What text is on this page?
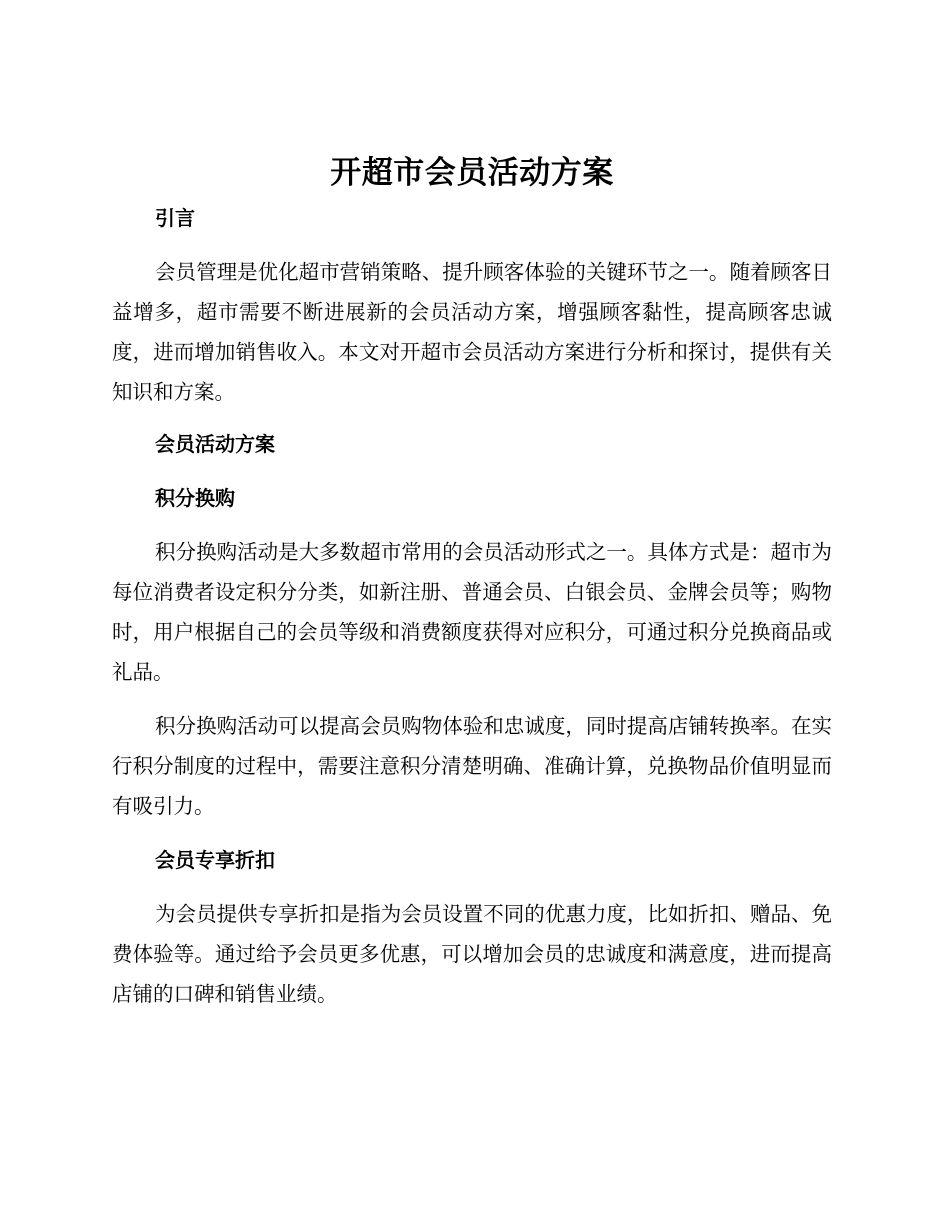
开超市会员活动方案
引言

会员管理是优化超市营销策略、提升顾客体验的关键环节之一。随着顾客日益增多，超市需要不断进展新的会员活动方案，增强顾客黏性，提高顾客忠诚度，进而增加销售收入。本文对开超市会员活动方案进行分析和探讨，提供有关知识和方案。

会员活动方案
积分换购

积分换购活动是大多数超市常用的会员活动形式之一。具体方式是：超市为每位消费者设定积分分类，如新注册、普通会员、白银会员、金牌会员等；购物时，用户根据自己的会员等级和消费额度获得对应积分，可通过积分兑换商品或礼品。

积分换购活动可以提高会员购物体验和忠诚度，同时提高店铺转换率。在实行积分制度的过程中，需要注意积分清楚明确、准确计算，兑换物品价值明显而有吸引力。

会员专享折扣

为会员提供专享折扣是指为会员设置不同的优惠力度，比如折扣、赠品、免费体验等。通过给予会员更多优惠，可以增加会员的忠诚度和满意度，进而提高店铺的口碑和销售业绩。
